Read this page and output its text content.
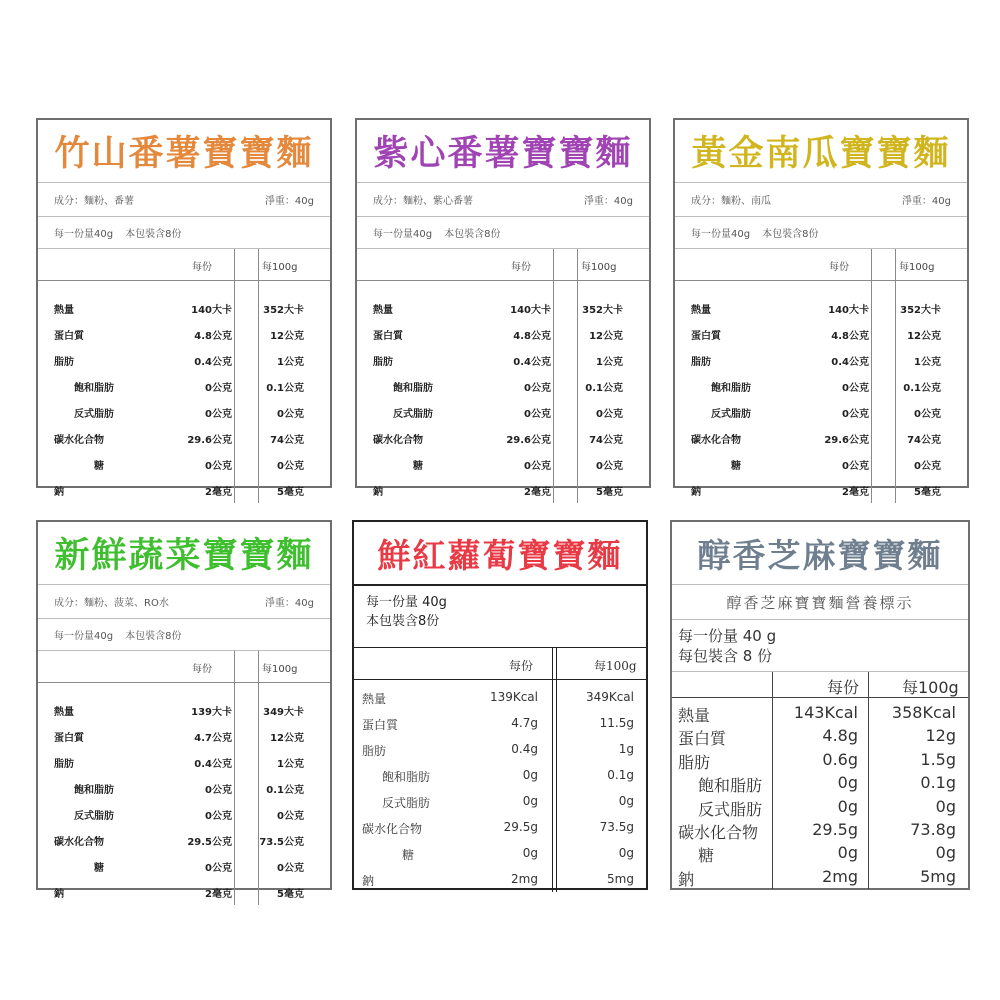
竹山番薯寶寶麵
成分：麵粉、番薯	淨重：40g
每一份量40g 本包裝含8份
每份	每100g
熱量	140大卡	352大卡
蛋白質	4.8公克	12公克
脂肪	0.4公克	1公克
飽和脂肪	0公克	0.1公克
反式脂肪	0公克	0公克
碳水化合物	29.6公克	74公克
糖	0公克	0公克
鈉	2毫克	5毫克
紫心番薯寶寶麵
成分：麵粉、紫心番薯	淨重：40g
每一份量40g 本包裝含8份
每份	每100g
熱量	140大卡	352大卡
蛋白質	4.8公克	12公克
脂肪	0.4公克	1公克
飽和脂肪	0公克	0.1公克
反式脂肪	0公克	0公克
碳水化合物	29.6公克	74公克
糖	0公克	0公克
鈉	2毫克	5毫克
黃金南瓜寶寶麵
成分：麵粉、南瓜	淨重：40g
每一份量40g 本包裝含8份
每份	每100g
熱量	140大卡	352大卡
蛋白質	4.8公克	12公克
脂肪	0.4公克	1公克
飽和脂肪	0公克	0.1公克
反式脂肪	0公克	0公克
碳水化合物	29.6公克	74公克
糖	0公克	0公克
鈉	2毫克	5毫克
新鮮蔬菜寶寶麵
成分：麵粉、菠菜、RO水	淨重：40g
每一份量40g 本包裝含8份
每份	每100g
熱量	139大卡	349大卡
蛋白質	4.7公克	12公克
脂肪	0.4公克	1公克
飽和脂肪	0公克	0.1公克
反式脂肪	0公克	0公克
碳水化合物	29.5公克	73.5公克
糖	0公克	0公克
鈉	2毫克	5毫克
鮮紅蘿蔔寶寶麵
每一份量 40g
本包裝含8份
每份	每100g
熱量	139Kcal	349Kcal
蛋白質	4.7g	11.5g
脂肪	0.4g	1g
飽和脂肪	0g	0.1g
反式脂肪	0g	0g
碳水化合物	29.5g	73.5g
糖	0g	0g
鈉	2mg	5mg
醇香芝麻寶寶麵
醇香芝麻寶寶麵營養標示
每一份量 40 g
每包裝含 8 份
每份	每100g
熱量	143Kcal 358Kcal
蛋白質	4.8g	12g
脂肪	0.6g	1.5g
飽和脂肪	0g	0.1g
反式脂肪	0g	0g
碳水化合物	29.5g	73.8g
糖	0g	0g
鈉	2mg	5mg
